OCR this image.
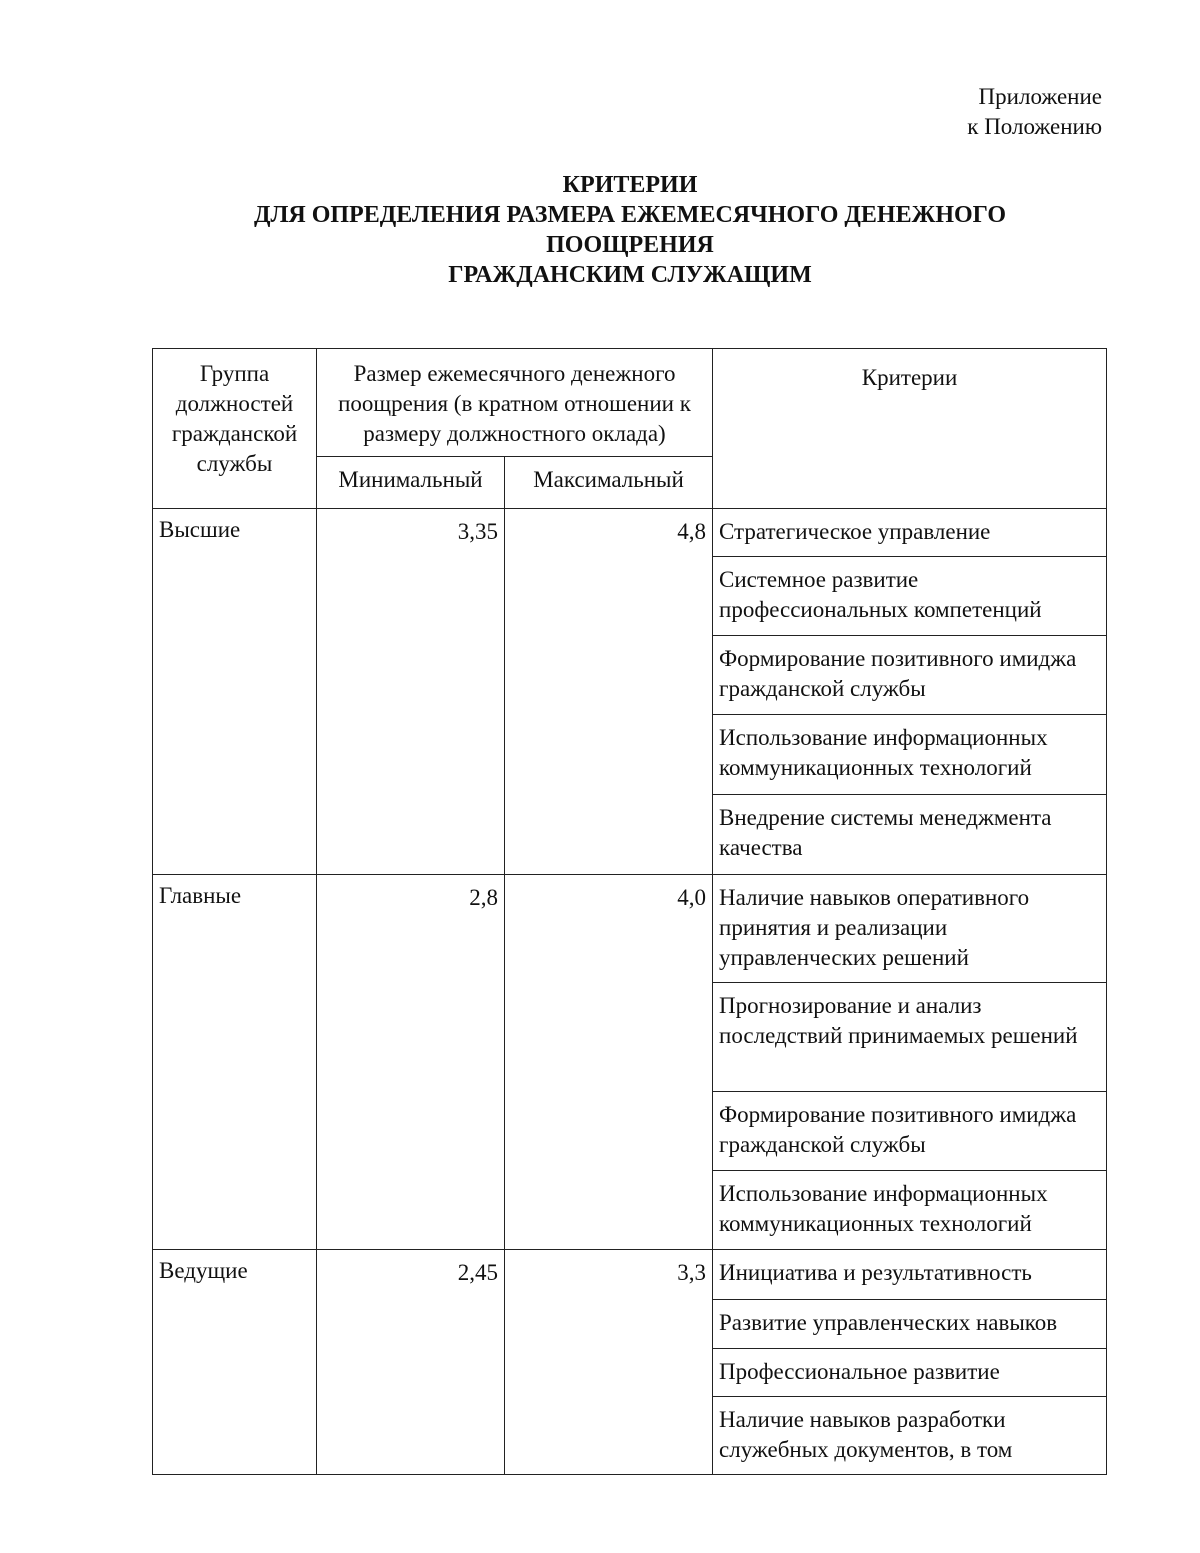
Приложение
к Положению
КРИТЕРИИ
ДЛЯ ОПРЕДЕЛЕНИЯ РАЗМЕРА ЕЖЕМЕСЯЧНОГО ДЕНЕЖНОГО
ПООЩРЕНИЯ
ГРАЖДАНСКИМ СЛУЖАЩИМ
Группа должностей гражданской службы	Размер ежемесячного денежного поощрения (в кратном отношении к размеру должностного оклада)		Критерии
	Минимальный	Максимальный	
Высшие	3,35	4,8	Стратегическое управление
			Системное развитие профессиональных компетенций
			Формирование позитивного имиджа гражданской службы
			Использование информационных коммуникационных технологий
			Внедрение системы менеджмента качества
Главные	2,8	4,0	Наличие навыков оперативного принятия и реализации управленческих решений
			Прогнозирование и анализ последствий принимаемых решений
			Формирование позитивного имиджа гражданской службы
			Использование информационных коммуникационных технологий
Ведущие	2,45	3,3	Инициатива и результативность
			Развитие управленческих навыков
			Профессиональное развитие
			Наличие навыков разработки служебных документов, в том
